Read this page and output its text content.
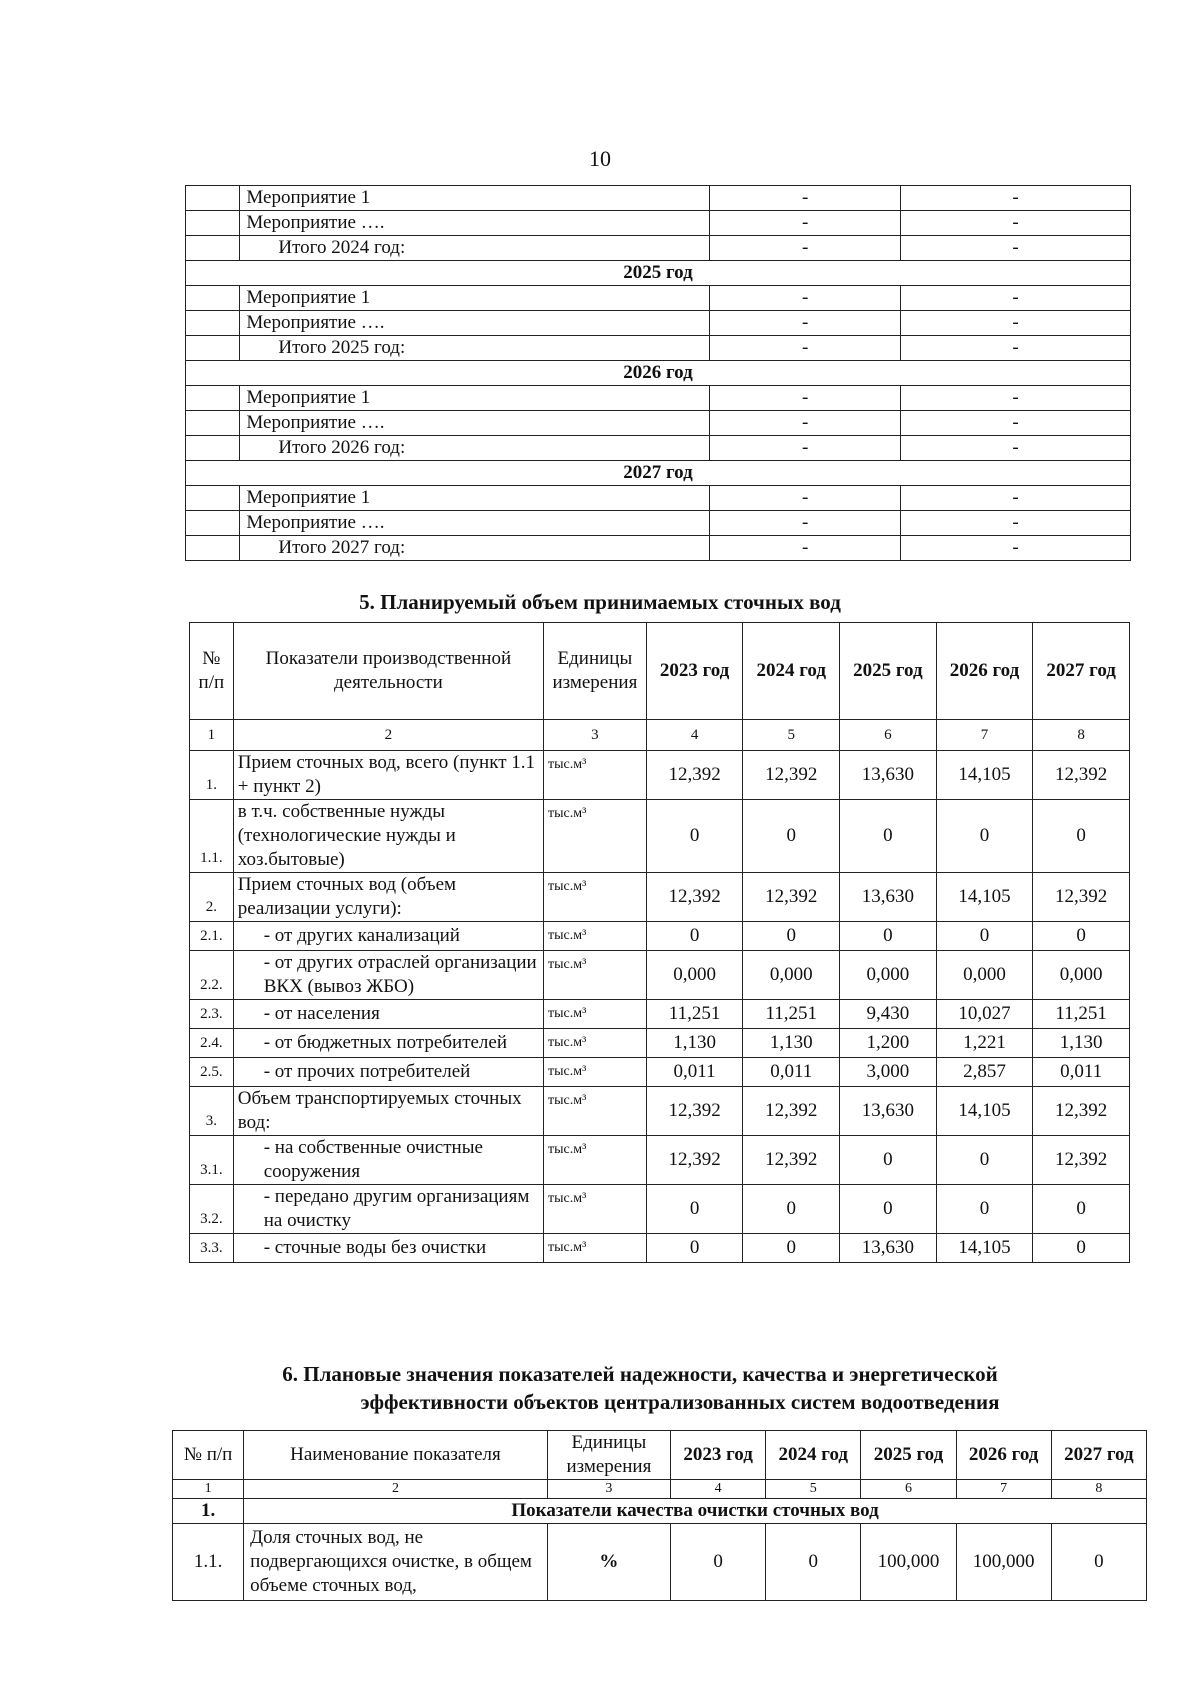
10
	Мероприятие 1	-	-
	Мероприятие ….	-	-
	Итого 2024 год:	-	-
2025 год			
	Мероприятие 1	-	-
	Мероприятие ….	-	-
	Итого 2025 год:	-	-
2026 год			
	Мероприятие 1	-	-
	Мероприятие ….	-	-
	Итого 2026 год:	-	-
2027 год			
	Мероприятие 1	-	-
	Мероприятие ….	-	-
	Итого 2027 год:	-	-
5. Планируемый объем принимаемых сточных вод
№ п/п	Показатели производственной деятельности	Единицы измерения	2023 год	2024 год	2025 год	2026 год	2027 год
1	2	3	4	5	6	7	8
1.	Прием сточных вод, всего (пункт 1.1 + пункт 2)	тыс.м³	12,392	12,392	13,630	14,105	12,392
1.1.	в т.ч. собственные нужды (технологические нужды и хоз.бытовые)	тыс.м³	0	0	0	0	0
2.	Прием сточных вод (объем реализации услуги):	тыс.м³	12,392	12,392	13,630	14,105	12,392
2.1.	- от других канализаций	тыс.м³	0	0	0	0	0
2.2.	- от других отраслей организации ВКХ (вывоз ЖБО)	тыс.м³	0,000	0,000	0,000	0,000	0,000
2.3.	- от населения	тыс.м³	11,251	11,251	9,430	10,027	11,251
2.4.	- от бюджетных потребителей	тыс.м³	1,130	1,130	1,200	1,221	1,130
2.5.	- от прочих потребителей	тыс.м³	0,011	0,011	3,000	2,857	0,011
3.	Объем транспортируемых сточных вод:	тыс.м³	12,392	12,392	13,630	14,105	12,392
3.1.	- на собственные очистные сооружения	тыс.м³	12,392	12,392	0	0	12,392
3.2.	- передано другим организациям на очистку	тыс.м³	0	0	0	0	0
3.3.	- сточные воды без очистки	тыс.м³	0	0	13,630	14,105	0
6. Плановые значения показателей надежности, качества и энергетической
эффективности объектов централизованных систем водоотведения
№ п/п	Наименование показателя	Единицы измерения	2023 год	2024 год	2025 год	2026 год	2027 год
1	2	3	4	5	6	7	8
1.	Показатели качества очистки сточных вод						
1.1.	Доля сточных вод, не подвергающихся очистке, в общем объеме сточных вод,	%	0	0	100,000	100,000	0
